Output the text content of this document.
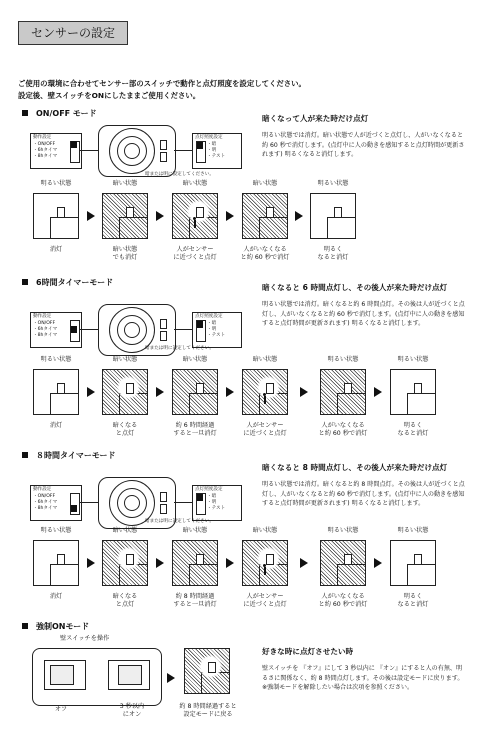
センサーの設定
ご使用の環境に合わせてセンサー部のスイッチで動作と点灯照度を設定してください。
設定後、壁スイッチをONにしたままご使用ください。
ON/OFF モード
動作設定
・ON/OFF
・6hタイマ
・8hタイマ
点灯照度設定
・暗
・明
・テスト
暗または明に設定してください。
暗くなって人が来た時だけ点灯
明るい状態では消灯。暗い状態で人が近づくと点灯し、人がいなくなると約 60 秒で消灯します。(点灯中に人の動きを感知すると点灯時間が更新されます) 明るくなると消灯します。
明るい状態
消灯
暗い状態
暗い状態
でも消灯
暗い状態
人がセンサー
に近づくと点灯
暗い状態
人がいなくなる
と約 60 秒で消灯
明るい状態
明るく
なると消灯
6時間タイマーモード
動作設定
・ON/OFF
・6hタイマ
・8hタイマ
点灯照度設定
・暗
・明
・テスト
暗または明に設定してください。
暗くなると 6 時間点灯し、その後人が来た時だけ点灯
明るい状態では消灯。暗くなると約 6 時間点灯。その後は人が近づくと点灯し、人がいなくなると約 60 秒で消灯します。(点灯中に人の動きを感知すると点灯時間が更新されます) 明るくなると消灯します。
明るい状態
消灯
暗い状態
暗くなる
と点灯
暗い状態
約 6 時間経過
すると一旦消灯
暗い状態
人がセンサー
に近づくと点灯
明るい状態
人がいなくなる
と約 60 秒で消灯
明るい状態
明るく
なると消灯
８時間タイマーモード
動作設定
・ON/OFF
・6hタイマ
・8hタイマ
点灯照度設定
・暗
・明
・テスト
暗または明に設定してください。
暗くなると 8 時間点灯し、その後人が来た時だけ点灯
明るい状態では消灯。暗くなると約 8 時間点灯。その後は人が近づくと点灯し、人がいなくなると約 60 秒で消灯します。(点灯中に人の動きを感知すると点灯時間が更新されます) 明るくなると消灯します。
明るい状態
消灯
暗い状態
暗くなる
と点灯
暗い状態
約 8 時間経過
すると一旦消灯
暗い状態
人がセンサー
に近づくと点灯
明るい状態
人がいなくなる
と約 60 秒で消灯
明るい状態
明るく
なると消灯
強制ONモード
壁スイッチを操作
オフ	3 秒以内
にオン
約 8 時間経過すると
設定モードに戻る
好きな時に点灯させたい時
壁スイッチを 『オフ』にして 3 秒以内に 『オン』にすると人の有無、明るさに関係なく、約 8 時間点灯します。その後は設定モードに戻ります。
※強制モードを解除したい場合は次項を参照ください。
